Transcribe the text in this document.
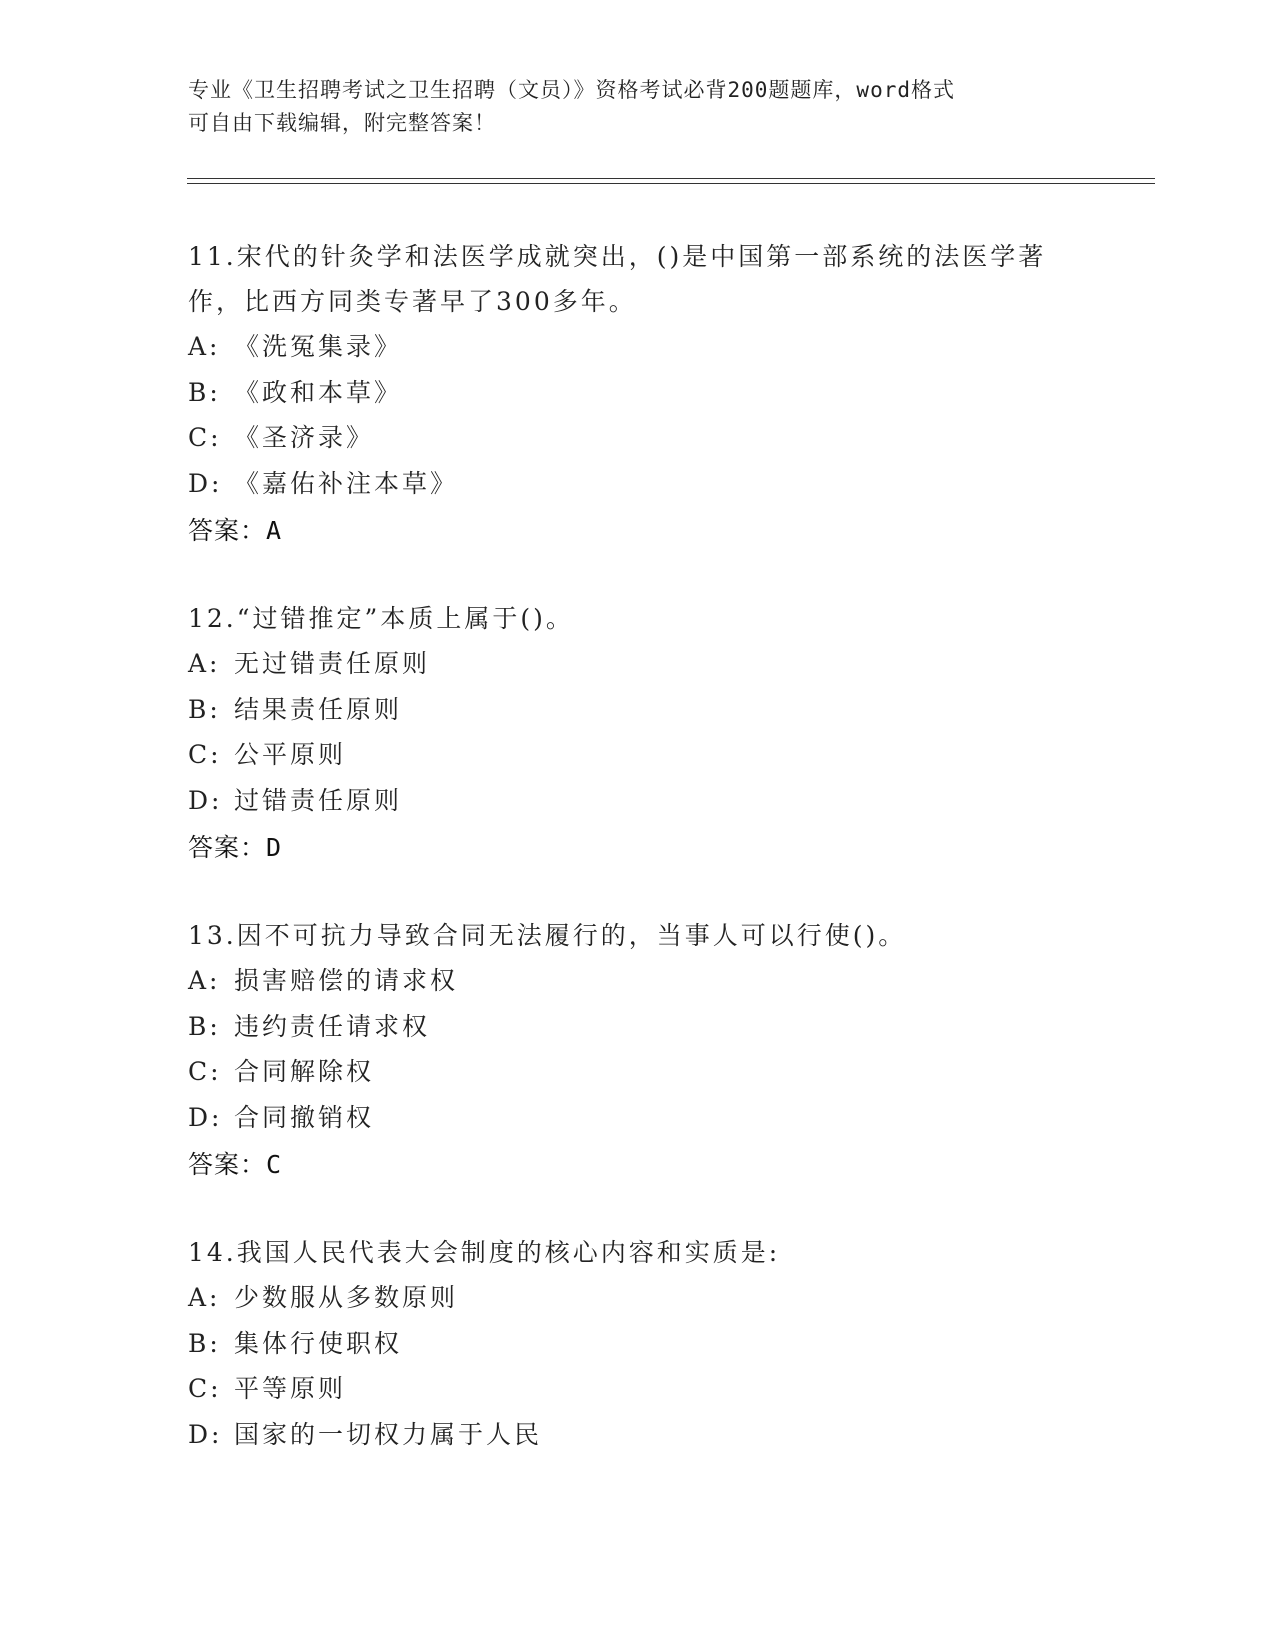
专业《卫生招聘考试之卫生招聘（文员）》资格考试必背200题题库，word格式
可自由下载编辑，附完整答案！
11.宋代的针灸学和法医学成就突出，()是中国第一部系统的法医学著作，比西方同类专著早了300多年。
A: 《洗冤集录》
B: 《政和本草》
C: 《圣济录》
D: 《嘉佑补注本草》
答案：A
12.“过错推定”本质上属于()。
A: 无过错责任原则
B: 结果责任原则
C: 公平原则
D: 过错责任原则
答案：D
13.因不可抗力导致合同无法履行的，当事人可以行使()。
A: 损害赔偿的请求权
B: 违约责任请求权
C: 合同解除权
D: 合同撤销权
答案：C
14.我国人民代表大会制度的核心内容和实质是:
A: 少数服从多数原则
B: 集体行使职权
C: 平等原则
D: 国家的一切权力属于人民
